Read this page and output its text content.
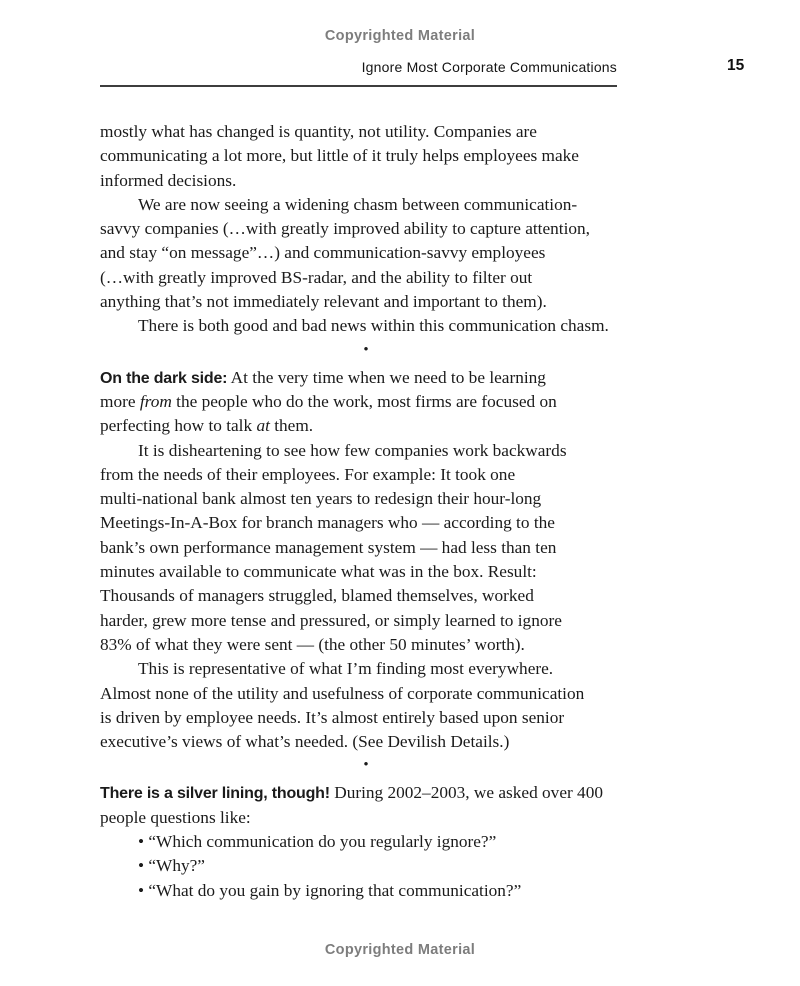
Copyrighted Material
Ignore Most Corporate Communications	15
mostly what has changed is quantity, not utility. Companies are
communicating a lot more, but little of it truly helps employees make
informed decisions.
We are now seeing a widening chasm between communication-
savvy companies (…with greatly improved ability to capture attention,
and stay “on message”…) and communication-savvy employees
(…with greatly improved BS-radar, and the ability to filter out
anything that’s not immediately relevant and important to them).
There is both good and bad news within this communication chasm.
•
On the dark side: At the very time when we need to be learning
more from the people who do the work, most firms are focused on
perfecting how to talk at them.
It is disheartening to see how few companies work backwards
from the needs of their employees. For example: It took one
multi-national bank almost ten years to redesign their hour-long
Meetings-In-A-Box for branch managers who — according to the
bank’s own performance management system — had less than ten
minutes available to communicate what was in the box. Result:
Thousands of managers struggled, blamed themselves, worked
harder, grew more tense and pressured, or simply learned to ignore
83% of what they were sent — (the other 50 minutes’ worth).
This is representative of what I’m finding most everywhere.
Almost none of the utility and usefulness of corporate communication
is driven by employee needs. It’s almost entirely based upon senior
executive’s views of what’s needed. (See Devilish Details.)
•
There is a silver lining, though! During 2002–2003, we asked over 400
people questions like:
• “Which communication do you regularly ignore?”
• “Why?”
• “What do you gain by ignoring that communication?”
Copyrighted Material
